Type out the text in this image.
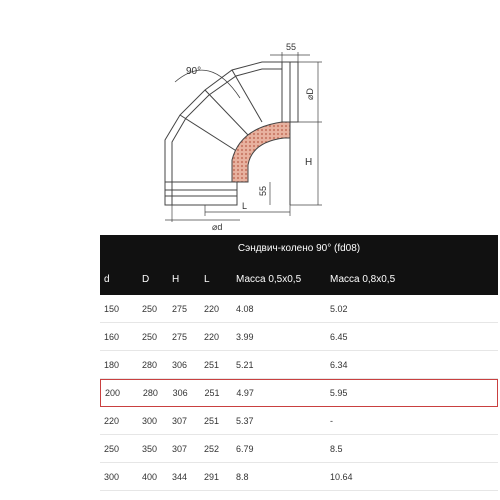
90°
55
⌀D
H
55
L
⌀d
Сэндвич-колено 90° (fd08)
d	D	H	L	Масса 0,5х0,5	Масса 0,8х0,5
150	250	275	220	4.08	5.02
160	250	275	220	3.99	6.45
180	280	306	251	5.21	6.34
200	280	306	251	4.97	5.95
220	300	307	251	5.37	-
250	350	307	252	6.79	8.5
300	400	344	291	8.8	10.64
